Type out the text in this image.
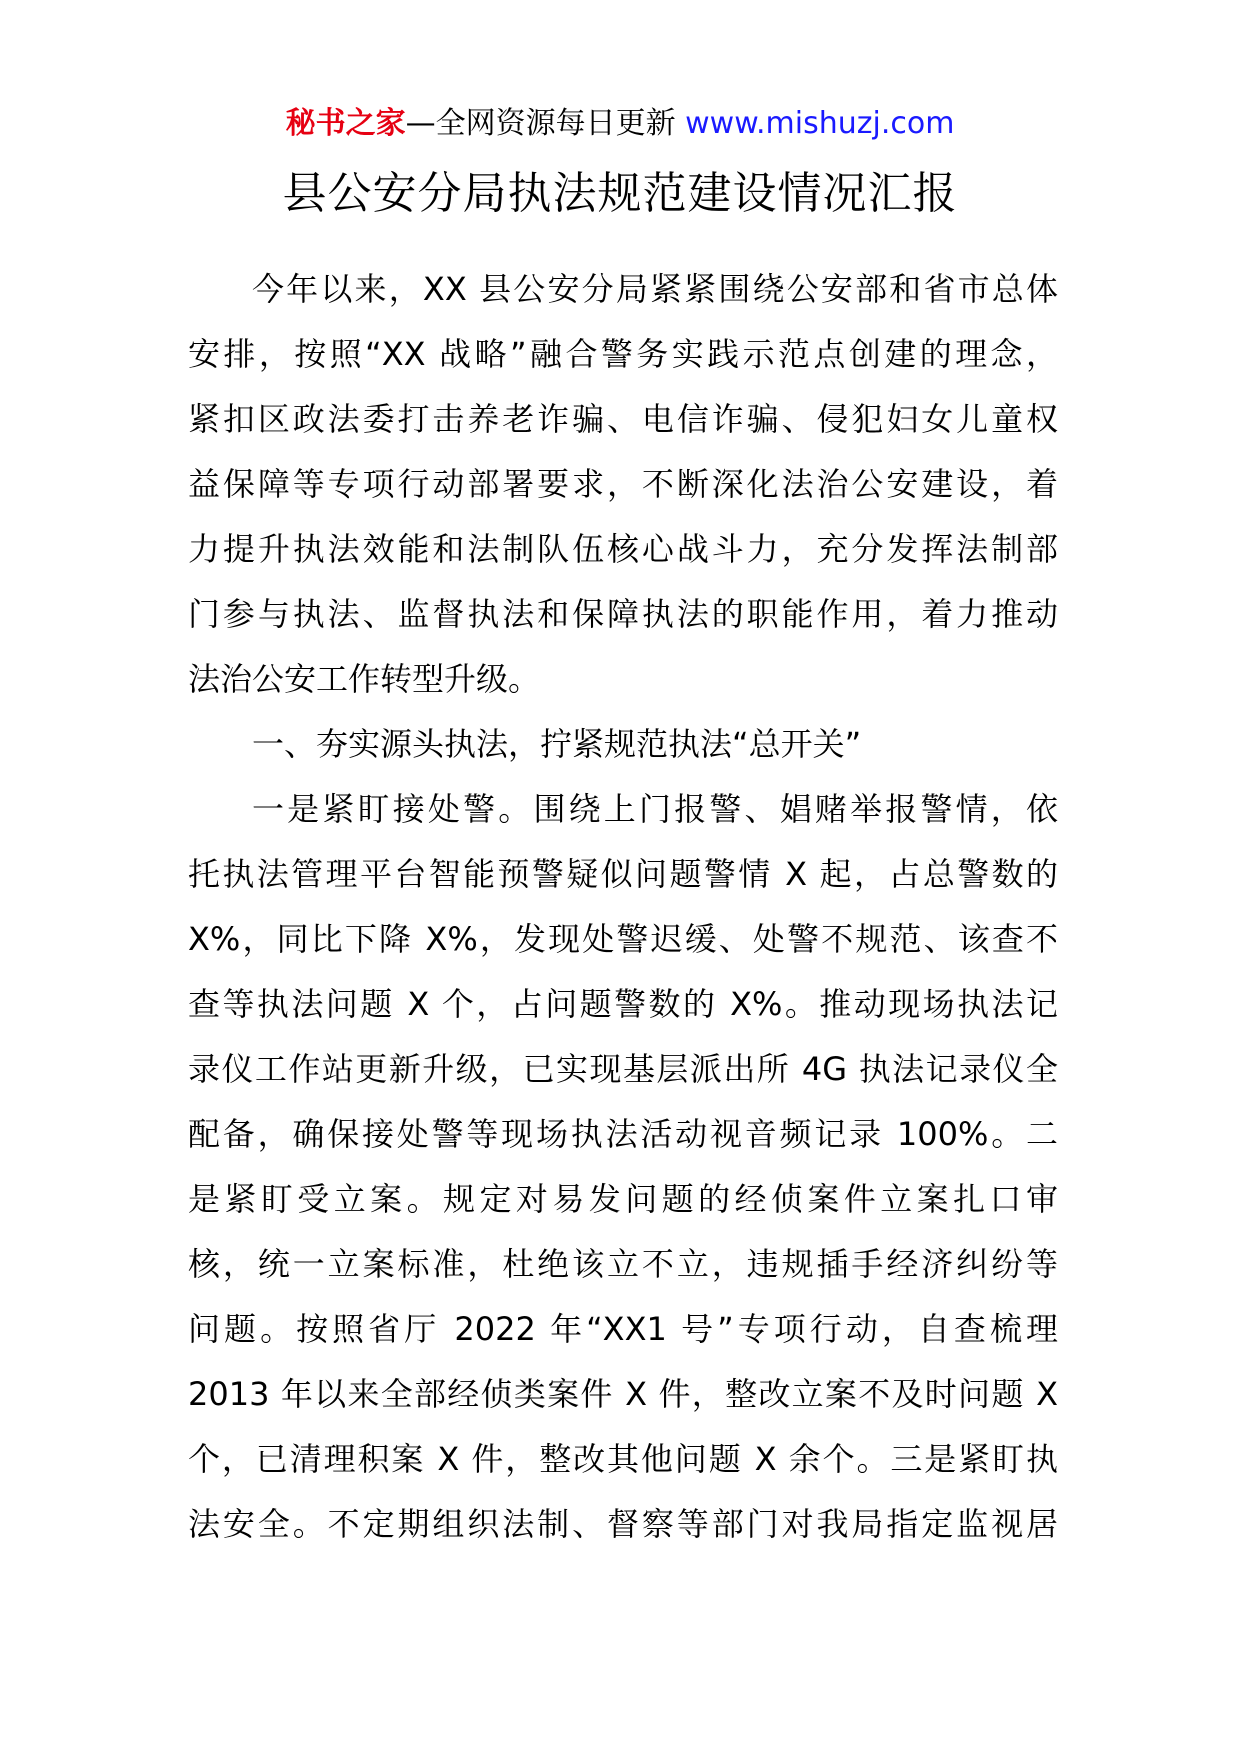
秘书之家—全网资源每日更新 www.mishuzj.com
县公安分局执法规范建设情况汇报
今年以来，XX 县公安分局紧紧围绕公安部和省市总体
安排，按照“XX 战略”融合警务实践示范点创建的理念，
紧扣区政法委打击养老诈骗、电信诈骗、侵犯妇女儿童权
益保障等专项行动部署要求，不断深化法治公安建设，着
力提升执法效能和法制队伍核心战斗力，充分发挥法制部
门参与执法、监督执法和保障执法的职能作用，着力推动
法治公安工作转型升级。
一、夯实源头执法，拧紧规范执法“总开关”
一是紧盯接处警。围绕上门报警、娼赌举报警情，依
托执法管理平台智能预警疑似问题警情 X 起，占总警数的
X%，同比下降 X%，发现处警迟缓、处警不规范、该查不
查等执法问题 X 个，占问题警数的 X%。推动现场执法记
录仪工作站更新升级，已实现基层派出所 4G 执法记录仪全
配备，确保接处警等现场执法活动视音频记录 100%。二
是紧盯受立案。规定对易发问题的经侦案件立案扎口审
核，统一立案标准，杜绝该立不立，违规插手经济纠纷等
问题。按照省厅 2022 年“XX1 号”专项行动，自查梳理
2013 年以来全部经侦类案件 X 件，整改立案不及时问题 X
个，已清理积案 X 件，整改其他问题 X 余个。三是紧盯执
法安全。不定期组织法制、督察等部门对我局指定监视居
